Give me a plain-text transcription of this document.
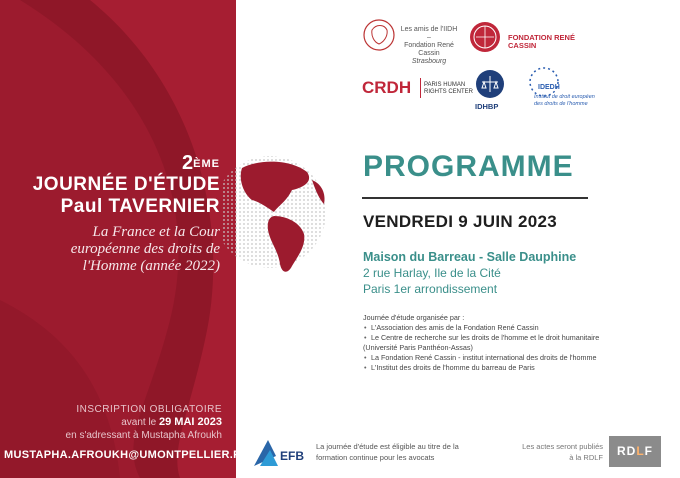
2ÈME
JOURNÉE D'ÉTUDE
Paul TAVERNIER
La France et la Cour
européenne des droits de
l'Homme (année 2022)
INSCRIPTION OBLIGATOIRE
avant le 29 MAI 2023
en s'adressant à Mustapha Afroukh
MUSTAPHA.AFROUKH@UMONTPELLIER.FR
Les amis de l'IIDH –
Fondation René Cassin
Strasbourg
FONDATION RENÉ CASSIN
CRDH PARIS HUMAN
RIGHTS CENTER
IDHBP
IDEDH
Institut de droit européen
des droits de l'homme
PROGRAMME
VENDREDI 9 JUIN 2023
Maison du Barreau - Salle Dauphine
2 rue Harlay, Ile de la Cité
Paris 1er arrondissement
Journée d'étude organisée par :
• L'Association des amis de la Fondation René Cassin
• Le Centre de recherche sur les droits de l'homme et le droit humanitaire
(Université Paris Panthéon-Assas)
• La Fondation René Cassin - institut international des droits de l'homme
• L'Institut des droits de l'homme du barreau de Paris
EFB
La journée d'étude est éligible au titre de la
formation continue pour les avocats
Les actes seront publiés
à la RDLF	RDLF
